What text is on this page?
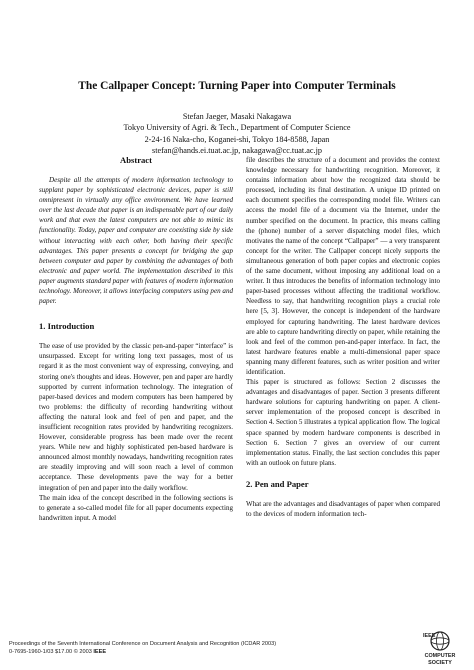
The Callpaper Concept: Turning Paper into Computer Terminals
Stefan Jaeger, Masaki Nakagawa
Tokyo University of Agri. & Tech., Department of Computer Science
2-24-16 Naka-cho, Koganei-shi, Tokyo 184-8588, Japan
stefan@hands.ei.tuat.ac.jp, nakagawa@cc.tuat.ac.jp
Abstract

Despite all the attempts of modern information technology to supplant paper by sophisticated electronic devices, paper is still omnipresent in virtually any office environment. We have learned over the last decade that paper is an indispensable part of our daily work and that even the latest computers are not able to mimic its functionality. Today, paper and computer are coexisting side by side without interacting with each other, both having their specific advantages. This paper presents a concept for bridging the gap between computer and paper by combining the advantages of both electronic and paper world. The implementation described in this paper augments standard paper with features of modern information technology. Moreover, it allows interfacing computers using pen and paper.

1. Introduction

The ease of use provided by the classic pen-and-paper “interface” is unsurpassed. Except for writing long text passages, most of us regard it as the most convenient way of expressing, conveying, and storing one's thoughts and ideas. However, pen and paper are hardly supported by current information technology. The integration of paper-based devices and modern computers has been hampered by two problems: the difficulty of recording handwriting without affecting the natural look and feel of pen and paper, and the insufficient recognition rates provided by handwriting recognizers. However, considerable progress has been made over the recent years. While new and highly sophisticated pen-based hardware is announced almost monthly nowadays, handwriting recognition rates are steadily improving and will soon reach a level of common acceptance. These developments pave the way for a better integration of pen and paper into the daily workflow.

The main idea of the concept described in the following sections is to generate a so-called model file for all paper documents expecting handwritten input. A model

file describes the structure of a document and provides the context knowledge necessary for handwriting recognition. Moreover, it contains information about how the recognized data should be processed, including its final destination. A unique ID printed on each document specifies the corresponding model file. Writers can access the model file of a document via the Internet, under the number specified on the document. In practice, this means calling the (phone) number of a server dispatching model files, which motivates the name of the concept “Callpaper” — a very transparent concept for the writer. The Callpaper concept nicely supports the simultaneous generation of both paper copies and electronic copies of the same document, without imposing any additional load on a writer. It thus introduces the benefits of information technology into paper-based processes without affecting the traditional workflow. Needless to say, that handwriting recognition plays a crucial role here [5, 3]. However, the concept is independent of the hardware employed for capturing handwriting. The latest hardware devices are able to capture handwriting directly on paper, while retaining the look and feel of the common pen-and-paper interface. In fact, the latest hardware features enable a multi-dimensional paper space spanning many different features, such as writer position and writer identification.

This paper is structured as follows: Section 2 discusses the advantages and disadvantages of paper. Section 3 presents different hardware solutions for capturing handwriting on paper. A client-server implementation of the proposed concept is described in Section 4. Section 5 illustrates a typical application flow. The logical space spanned by modern hardware components is described in Section 6. Section 7 gives an overview of our current implementation status. Finally, the last section concludes this paper with an outlook on future plans.

2. Pen and Paper

What are the advantages and disadvantages of paper when compared to the devices of modern information tech-

Proceedings of the Seventh International Conference on Document Analysis and Recognition (ICDAR 2003)
0-7695-1960-1/03 $17.00 © 2003 IEEE
IEEE
COMPUTER
SOCIETY
